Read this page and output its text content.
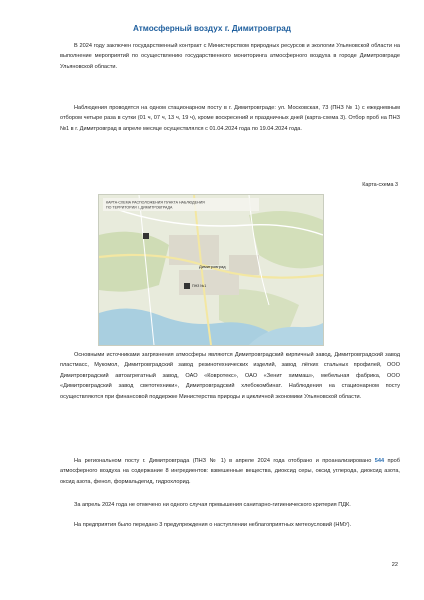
Атмосферный воздух г. Димитровград

В 2024 году заключен государственный контракт с Министерством природных ресурсов и экологии Ульяновской области на выполнение мероприятий по осуществлению государственного мониторинга атмосферного воздуха в городе Димитровграде Ульяновской области.

Наблюдения проводятся на одном стационарном посту в г. Димитровграде: ул. Московская, 73 (ПНЗ № 1) с ежедневным отбором четыре раза в сутки (01 ч, 07 ч, 13 ч, 19 ч), кроме воскресений и праздничных дней (карта-схема 3). Отбор проб на ПНЗ №1 в г. Димитровград в апреле месяце осуществлялся с 01.04.2024 года по 19.04.2024 года.

Карта-схема 3

КАРТА-СХЕМА РАСПОЛОЖЕНИЯ ПУНКТА НАБЛЮДЕНИЯ
ПО ТЕРРИТОРИИ г. ДИМИТРОВГРАДА
ПНЗ №1
Димитровград

Основными источниками загрязнения атмосферы являются Димитровградский кирпичный завод, Димитровградский завод пластмасс, Мукомол, Димитровградский завод резинотехнических изделий, завод лёгких стальных профилей, ООО Димитровградский автоагрегатный завод, ОАО «Ковротекс», ОАО «Зенит химмаш», мебельная фабрика, ООО «Димитровградский завод светотехники», Димитровградский хлебокомбинат. Наблюдения на стационарном посту осуществляются при финансовой поддержке Министерства природы и цикличной экономики Ульяновской области.

На региональном посту г. Димитровграда (ПНЗ № 1) в апреле 2024 года отобрано и проанализировано 544 проб атмосферного воздуха на содержание 8 ингредиентов: взвешенные вещества, диоксид серы, оксид углерода, диоксид азота, оксид азота, фенол, формальдегид, гидрохлорид.

За апрель 2024 года не отмечено ни одного случая превышения санитарно-гигиенического критерия ПДК.

На предприятия было передано 3 предупреждения о наступлении неблагоприятных метеоусловий (НМУ).

22
